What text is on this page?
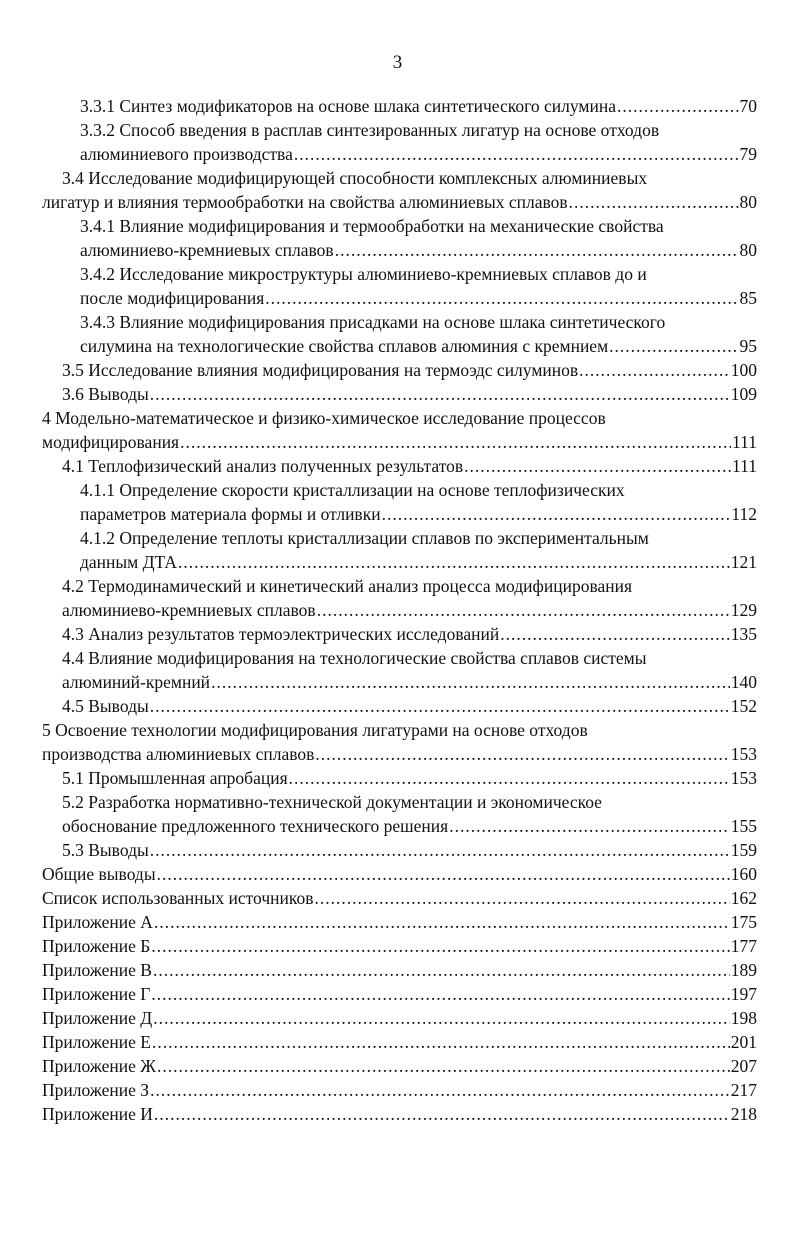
3
3.3.1 Синтез модификаторов на основе шлака синтетического силумина .....	70
3.3.2 Способ введения в расплав синтезированных лигатур на основе отходов
алюминиевого производства .....	79
3.4 Исследование модифицирующей способности комплексных алюминиевых
лигатур и влияния термообработки на свойства алюминиевых сплавов .....	80
3.4.1 Влияние модифицирования и термообработки на механические свойства
алюминиево-кремниевых сплавов .....	80
3.4.2 Исследование микроструктуры алюминиево-кремниевых сплавов до и
после модифицирования .....	85
3.4.3 Влияние модифицирования присадками на основе шлака синтетического
силумина на технологические свойства сплавов алюминия с кремнием .....	95
3.5 Исследование влияния модифицирования на термоэдс силуминов .....	100
3.6 Выводы .....	109
4 Модельно-математическое и физико-химическое исследование процессов
модифицирования .....	111
4.1 Теплофизический анализ полученных результатов .....	111
4.1.1 Определение скорости кристаллизации на основе теплофизических
параметров материала формы и отливки .....	112
4.1.2 Определение теплоты кристаллизации сплавов по экспериментальным
данным ДТА .....	121
4.2 Термодинамический и кинетический анализ процесса модифицирования
алюминиево-кремниевых сплавов .....	129
4.3 Анализ результатов термоэлектрических исследований .....	135
4.4 Влияние модифицирования на технологические свойства сплавов системы
алюминий-кремний .....	140
4.5 Выводы .....	152
5 Освоение технологии модифицирования лигатурами на основе отходов
производства алюминиевых сплавов .....	153
5.1 Промышленная апробация .....	153
5.2 Разработка нормативно-технической документации и экономическое
обоснование предложенного технического решения .....	155
5.3 Выводы .....	159
Общие выводы .....	160
Список использованных источников .....	162
Приложение А .....	175
Приложение Б .....	177
Приложение В .....	189
Приложение Г .....	197
Приложение Д .....	198
Приложение Е .....	201
Приложение Ж .....	207
Приложение З .....	217
Приложение И .....	218
